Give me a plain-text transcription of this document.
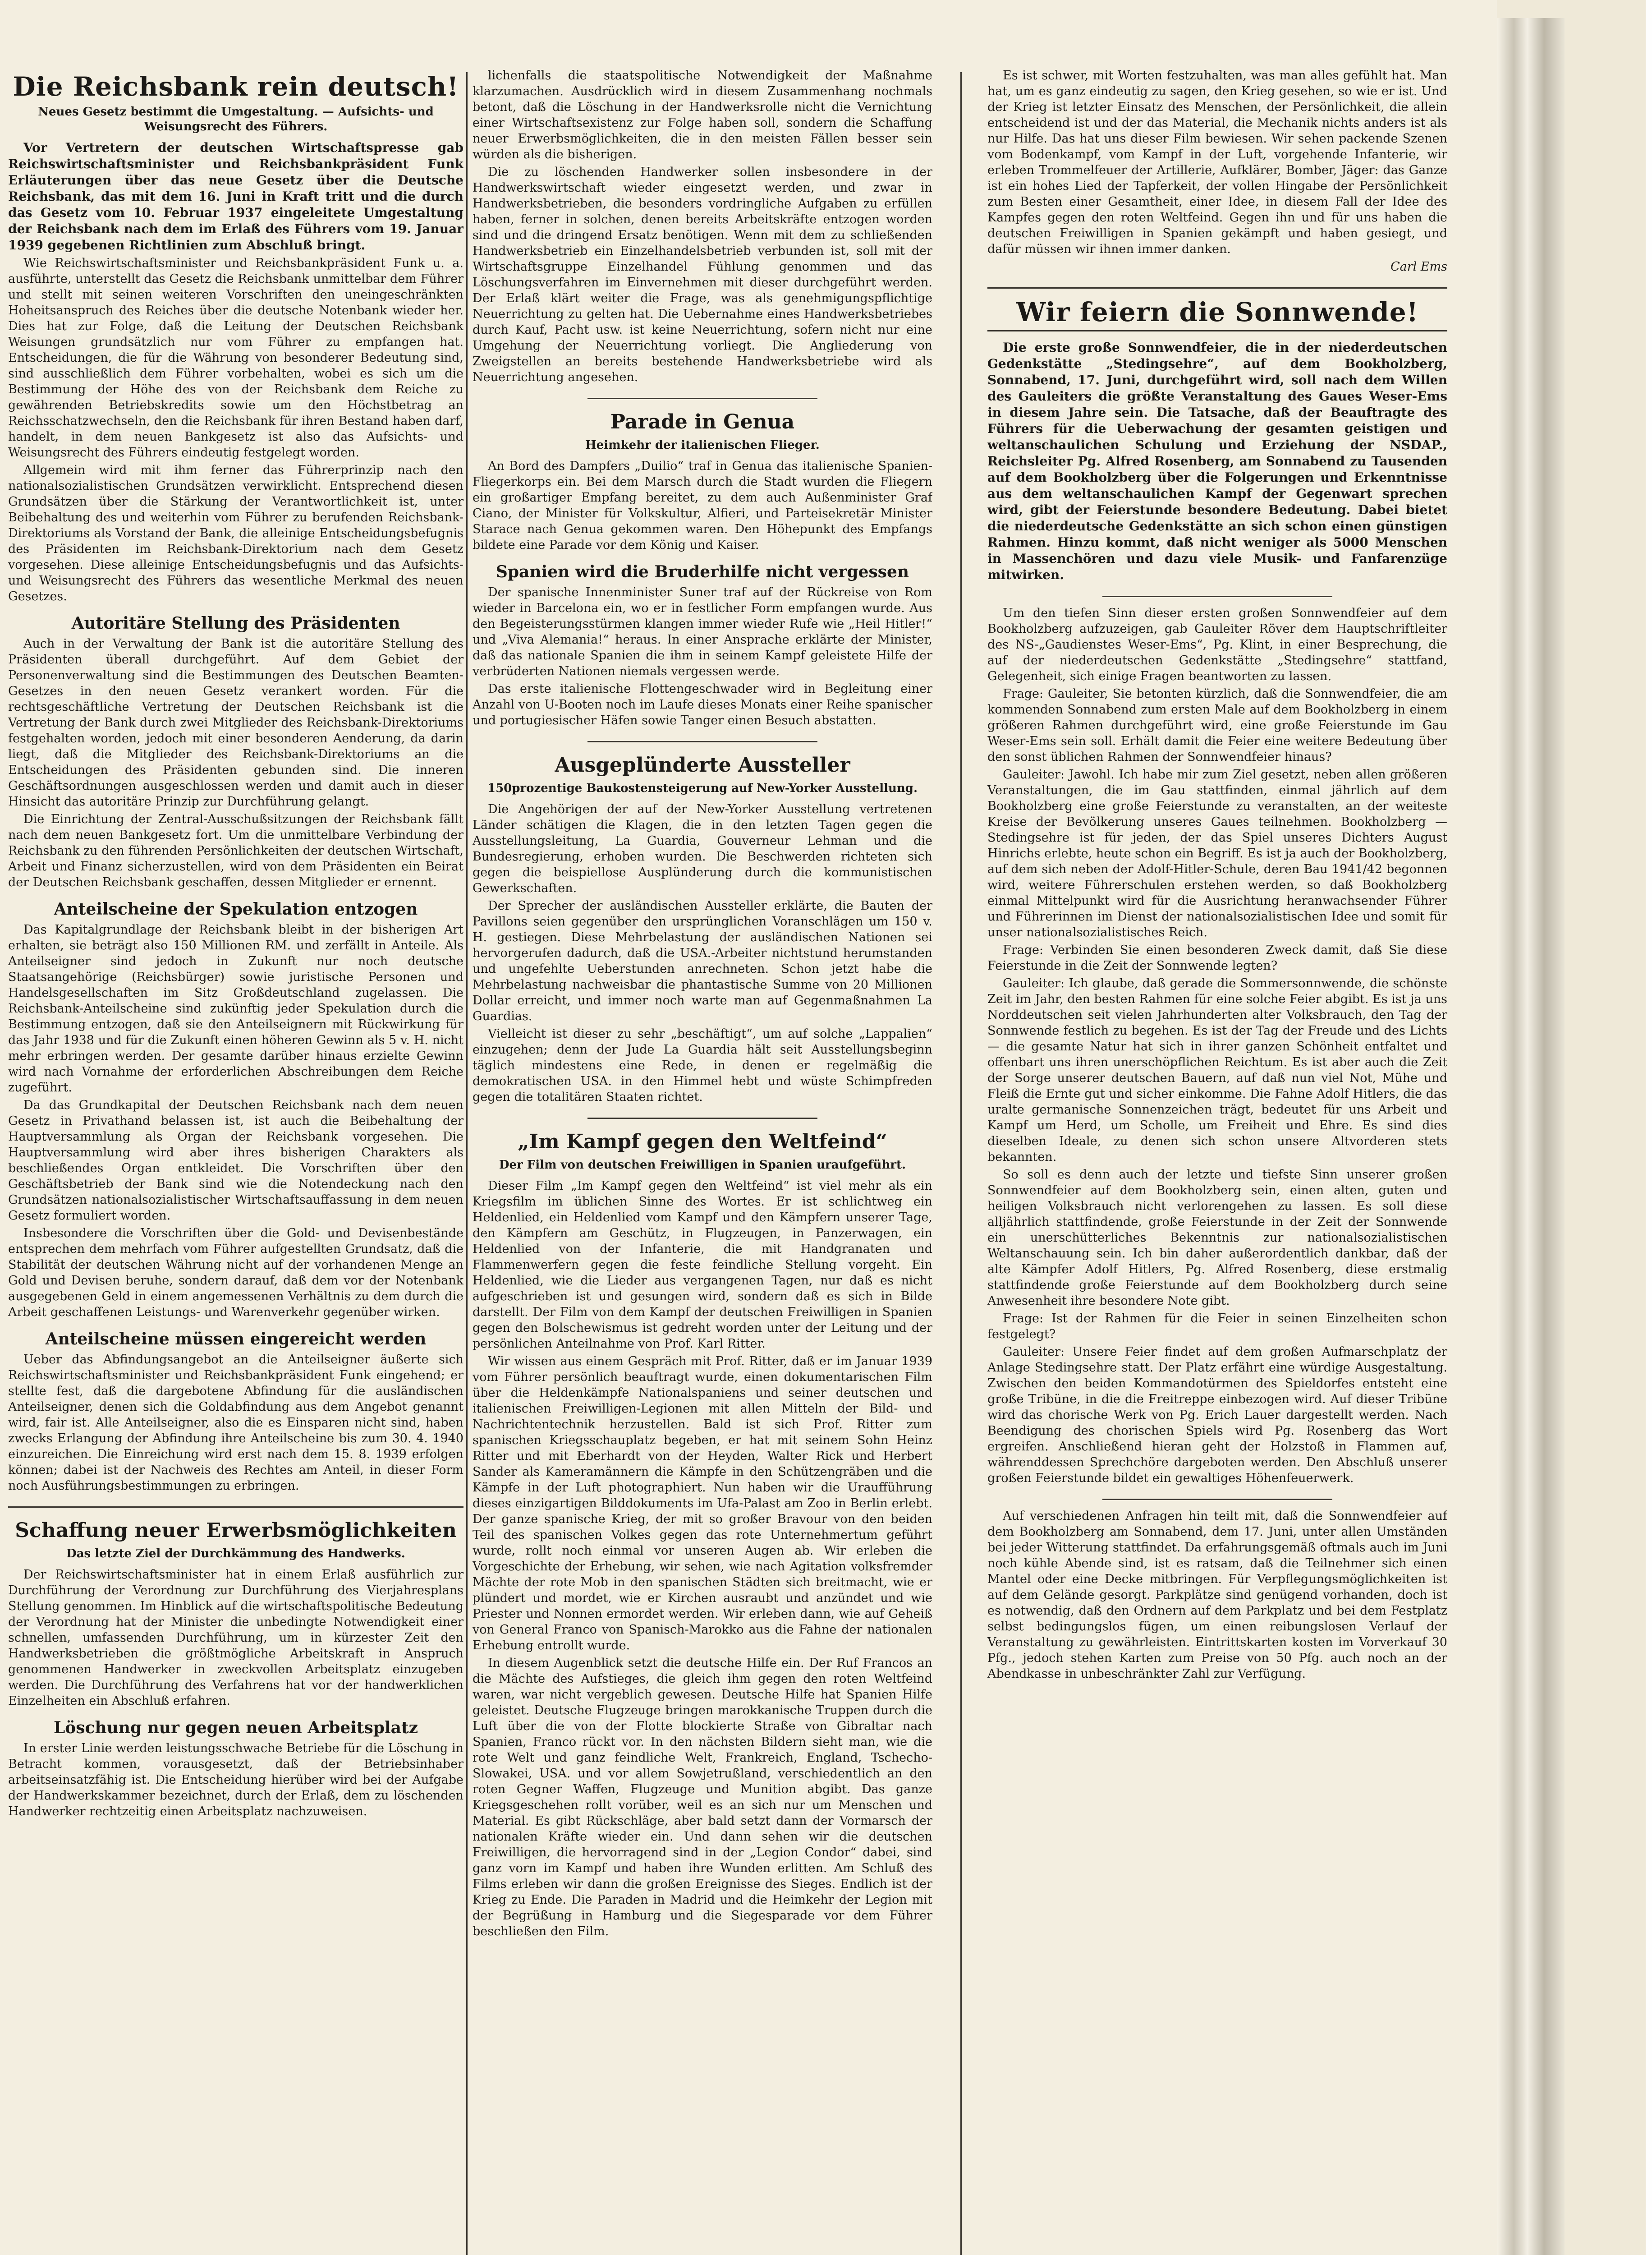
Die Reichsbank rein deutsch!
Neues Gesetz bestimmt die Umgestaltung. — Aufsichts- und Weisungsrecht des Führers.

Vor Vertretern der deutschen Wirtschaftspresse gab Reichswirtschaftsminister und Reichsbankpräsident Funk Erläuterungen über das neue Gesetz über die Deutsche Reichsbank, das mit dem 16. Juni in Kraft tritt und die durch das Gesetz vom 10. Februar 1937 eingeleitete Umgestaltung der Reichsbank nach dem im Erlaß des Führers vom 19. Januar 1939 gegebenen Richtlinien zum Abschluß bringt.

Wie Reichswirtschaftsminister und Reichsbankpräsident Funk u. a. ausführte, unterstellt das Gesetz die Reichsbank unmittelbar dem Führer und stellt mit seinen weiteren Vorschriften den uneingeschränkten Hoheitsanspruch des Reiches über die deutsche Notenbank wieder her. Dies hat zur Folge, daß die Leitung der Deutschen Reichsbank Weisungen grundsätzlich nur vom Führer zu empfangen hat. Entscheidungen, die für die Währung von besonderer Bedeutung sind, sind ausschließlich dem Führer vorbehalten, wobei es sich um die Bestimmung der Höhe des von der Reichsbank dem Reiche zu gewährenden Betriebskredits sowie um den Höchstbetrag an Reichsschatzwechseln, den die Reichsbank für ihren Bestand haben darf, handelt, in dem neuen Bankgesetz ist also das Aufsichts- und Weisungsrecht des Führers eindeutig festgelegt worden.

Allgemein wird mit ihm ferner das Führerprinzip nach den nationalsozialistischen Grundsätzen verwirklicht. Entsprechend diesen Grundsätzen über die Stärkung der Verantwortlichkeit ist, unter Beibehaltung des und weiterhin vom Führer zu berufenden Reichsbank-Direktoriums als Vorstand der Bank, die alleinige Entscheidungsbefugnis des Präsidenten im Reichsbank-Direktorium nach dem Gesetz vorgesehen. Diese alleinige Entscheidungsbefugnis und das Aufsichts- und Weisungsrecht des Führers das wesentliche Merkmal des neuen Gesetzes.

Autoritäre Stellung des Präsidenten

Auch in der Verwaltung der Bank ist die autoritäre Stellung des Präsidenten überall durchgeführt. Auf dem Gebiet der Personenverwaltung sind die Bestimmungen des Deutschen Beamten-Gesetzes in den neuen Gesetz verankert worden. Für die rechtsgeschäftliche Vertretung der Deutschen Reichsbank ist die Vertretung der Bank durch zwei Mitglieder des Reichsbank-Direktoriums festgehalten worden, jedoch mit einer besonderen Aenderung, da darin liegt, daß die Mitglieder des Reichsbank-Direktoriums an die Entscheidungen des Präsidenten gebunden sind. Die inneren Geschäftsordnungen ausgeschlossen werden und damit auch in dieser Hinsicht das autoritäre Prinzip zur Durchführung gelangt.

Die Einrichtung der Zentral-Ausschußsitzungen der Reichsbank fällt nach dem neuen Bankgesetz fort. Um die unmittelbare Verbindung der Reichsbank zu den führenden Persönlichkeiten der deutschen Wirtschaft, Arbeit und Finanz sicherzustellen, wird von dem Präsidenten ein Beirat der Deutschen Reichsbank geschaffen, dessen Mitglieder er ernennt.

Anteilscheine der Spekulation entzogen

Das Kapitalgrundlage der Reichsbank bleibt in der bisherigen Art erhalten, sie beträgt also 150 Millionen RM. und zerfällt in Anteile. Als Anteilseigner sind jedoch in Zukunft nur noch deutsche Staatsangehörige (Reichsbürger) sowie juristische Personen und Handelsgesellschaften im Sitz Großdeutschland zugelassen. Die Reichsbank-Anteilscheine sind zukünftig jeder Spekulation durch die Bestimmung entzogen, daß sie den Anteilseignern mit Rückwirkung für das Jahr 1938 und für die Zukunft einen höheren Gewinn als 5 v. H. nicht mehr erbringen werden. Der gesamte darüber hinaus erzielte Gewinn wird nach Vornahme der erforderlichen Abschreibungen dem Reiche zugeführt.

Da das Grundkapital der Deutschen Reichsbank nach dem neuen Gesetz in Privathand belassen ist, ist auch die Beibehaltung der Hauptversammlung als Organ der Reichsbank vorgesehen. Die Hauptversammlung wird aber ihres bisherigen Charakters als beschließendes Organ entkleidet. Die Vorschriften über den Geschäftsbetrieb der Bank sind wie die Notendeckung nach den Grundsätzen nationalsozialistischer Wirtschaftsauffassung in dem neuen Gesetz formuliert worden.

Insbesondere die Vorschriften über die Gold- und Devisenbestände entsprechen dem mehrfach vom Führer aufgestellten Grundsatz, daß die Stabilität der deutschen Währung nicht auf der vorhandenen Menge an Gold und Devisen beruhe, sondern darauf, daß dem vor der Notenbank ausgegebenen Geld in einem angemessenen Verhältnis zu dem durch die Arbeit geschaffenen Leistungs- und Warenverkehr gegenüber wirken.

Anteilscheine müssen eingereicht werden

Ueber das Abfindungsangebot an die Anteilseigner äußerte sich Reichswirtschaftsminister und Reichsbankpräsident Funk eingehend; er stellte fest, daß die dargebotene Abfindung für die ausländischen Anteilseigner, denen sich die Goldabfindung aus dem Angebot genannt wird, fair ist. Alle Anteilseigner, also die es Einsparen nicht sind, haben zwecks Erlangung der Abfindung ihre Anteilscheine bis zum 30. 4. 1940 einzureichen. Die Einreichung wird erst nach dem 15. 8. 1939 erfolgen können; dabei ist der Nachweis des Rechtes am Anteil, in dieser Form noch Ausführungsbestimmungen zu erbringen.

Schaffung neuer Erwerbsmöglichkeiten
Das letzte Ziel der Durchkämmung des Handwerks.

Der Reichswirtschaftsminister hat in einem Erlaß ausführlich zur Durchführung der Verordnung zur Durchführung des Vierjahresplans Stellung genommen. Im Hinblick auf die wirtschaftspolitische Bedeutung der Verordnung hat der Minister die unbedingte Notwendigkeit einer schnellen, umfassenden Durchführung, um in kürzester Zeit den Handwerksbetrieben die größtmögliche Arbeitskraft in Anspruch genommenen Handwerker in zweckvollen Arbeitsplatz einzugeben werden. Die Durchführung des Verfahrens hat vor der handwerklichen Einzelheiten ein Abschluß erfahren.

Löschung nur gegen neuen Arbeitsplatz

In erster Linie werden leistungsschwache Betriebe für die Löschung in Betracht kommen, vorausgesetzt, daß der Betriebsinhaber arbeitseinsatzfähig ist. Die Entscheidung hierüber wird bei der Aufgabe der Handwerkskammer bezeichnet, durch der Erlaß, dem zu löschenden Handwerker rechtzeitig einen Arbeitsplatz nachzuweisen.

lichenfalls die staatspolitische Notwendigkeit der Maßnahme klarzumachen. Ausdrücklich wird in diesem Zusammenhang nochmals betont, daß die Löschung in der Handwerksrolle nicht die Vernichtung einer Wirtschaftsexistenz zur Folge haben soll, sondern die Schaffung neuer Erwerbsmöglichkeiten, die in den meisten Fällen besser sein würden als die bisherigen.

Die zu löschenden Handwerker sollen insbesondere in der Handwerkswirtschaft wieder eingesetzt werden, und zwar in Handwerksbetrieben, die besonders vordringliche Aufgaben zu erfüllen haben, ferner in solchen, denen bereits Arbeitskräfte entzogen worden sind und die dringend Ersatz benötigen. Wenn mit dem zu schließenden Handwerksbetrieb ein Einzelhandelsbetrieb verbunden ist, soll mit der Wirtschaftsgruppe Einzelhandel Fühlung genommen und das Löschungsverfahren im Einvernehmen mit dieser durchgeführt werden. Der Erlaß klärt weiter die Frage, was als genehmigungspflichtige Neuerrichtung zu gelten hat. Die Uebernahme eines Handwerksbetriebes durch Kauf, Pacht usw. ist keine Neuerrichtung, sofern nicht nur eine Umgehung der Neuerrichtung vorliegt. Die Angliederung von Zweigstellen an bereits bestehende Handwerksbetriebe wird als Neuerrichtung angesehen.

Parade in Genua
Heimkehr der italienischen Flieger.

An Bord des Dampfers „Duilio“ traf in Genua das italienische Spanien-Fliegerkorps ein. Bei dem Marsch durch die Stadt wurden die Fliegern ein großartiger Empfang bereitet, zu dem auch Außenminister Graf Ciano, der Minister für Volkskultur, Alfieri, und Parteisekretär Minister Starace nach Genua gekommen waren. Den Höhepunkt des Empfangs bildete eine Parade vor dem König und Kaiser.

Spanien wird die Bruderhilfe nicht vergessen

Der spanische Innenminister Suner traf auf der Rückreise von Rom wieder in Barcelona ein, wo er in festlicher Form empfangen wurde. Aus den Begeisterungsstürmen klangen immer wieder Rufe wie „Heil Hitler!“ und „Viva Alemania!“ heraus. In einer Ansprache erklärte der Minister, daß das nationale Spanien die ihm in seinem Kampf geleistete Hilfe der verbrüderten Nationen niemals vergessen werde.

Das erste italienische Flottengeschwader wird in Begleitung einer Anzahl von U-Booten noch im Laufe dieses Monats einer Reihe spanischer und portugiesischer Häfen sowie Tanger einen Besuch abstatten.

Ausgeplünderte Aussteller
150prozentige Baukostensteigerung auf New-Yorker Ausstellung.

Die Angehörigen der auf der New-Yorker Ausstellung vertretenen Länder schätigen die Klagen, die in den letzten Tagen gegen die Ausstellungsleitung, La Guardia, Gouverneur Lehman und die Bundesregierung, erhoben wurden. Die Beschwerden richteten sich gegen die beispiellose Ausplünderung durch die kommunistischen Gewerkschaften.

Der Sprecher der ausländischen Aussteller erklärte, die Bauten der Pavillons seien gegenüber den ursprünglichen Voranschlägen um 150 v. H. gestiegen. Diese Mehrbelastung der ausländischen Nationen sei hervorgerufen dadurch, daß die USA.-Arbeiter nichtstund herumstanden und ungefehlte Ueberstunden anrechneten. Schon jetzt habe die Mehrbelastung nachweisbar die phantastische Summe von 20 Millionen Dollar erreicht, und immer noch warte man auf Gegenmaßnahmen La Guardias.

Vielleicht ist dieser zu sehr „beschäftigt“, um auf solche „Lappalien“ einzugehen; denn der Jude La Guardia hält seit Ausstellungsbeginn täglich mindestens eine Rede, in denen er regelmäßig die demokratischen USA. in den Himmel hebt und wüste Schimpfreden gegen die totalitären Staaten richtet.

„Im Kampf gegen den Weltfeind“
Der Film von deutschen Freiwilligen in Spanien uraufgeführt.

Dieser Film „Im Kampf gegen den Weltfeind“ ist viel mehr als ein Kriegsfilm im üblichen Sinne des Wortes. Er ist schlichtweg ein Heldenlied, ein Heldenlied vom Kampf und den Kämpfern unserer Tage, den Kämpfern am Geschütz, in Flugzeugen, in Panzerwagen, ein Heldenlied von der Infanterie, die mit Handgranaten und Flammenwerfern gegen die feste feindliche Stellung vorgeht. Ein Heldenlied, wie die Lieder aus vergangenen Tagen, nur daß es nicht aufgeschrieben ist und gesungen wird, sondern daß es sich in Bilde darstellt. Der Film von dem Kampf der deutschen Freiwilligen in Spanien gegen den Bolschewismus ist gedreht worden unter der Leitung und der persönlichen Anteilnahme von Prof. Karl Ritter.

Wir wissen aus einem Gespräch mit Prof. Ritter, daß er im Januar 1939 vom Führer persönlich beauftragt wurde, einen dokumentarischen Film über die Heldenkämpfe Nationalspaniens und seiner deutschen und italienischen Freiwilligen-Legionen mit allen Mitteln der Bild- und Nachrichtentechnik herzustellen. Bald ist sich Prof. Ritter zum spanischen Kriegsschauplatz begeben, er hat mit seinem Sohn Heinz Ritter und mit Eberhardt von der Heyden, Walter Rick und Herbert Sander als Kameramännern die Kämpfe in den Schützengräben und die Kämpfe in der Luft photographiert. Nun haben wir die Uraufführung dieses einzigartigen Bilddokuments im Ufa-Palast am Zoo in Berlin erlebt. Der ganze spanische Krieg, der mit so großer Bravour von den beiden Teil des spanischen Volkes gegen das rote Unternehmertum geführt wurde, rollt noch einmal vor unseren Augen ab. Wir erleben die Vorgeschichte der Erhebung, wir sehen, wie nach Agitation volksfremder Mächte der rote Mob in den spanischen Städten sich breitmacht, wie er plündert und mordet, wie er Kirchen ausraubt und anzündet und wie Priester und Nonnen ermordet werden. Wir erleben dann, wie auf Geheiß von General Franco von Spanisch-Marokko aus die Fahne der nationalen Erhebung entrollt wurde.

In diesem Augenblick setzt die deutsche Hilfe ein. Der Ruf Francos an die Mächte des Aufstieges, die gleich ihm gegen den roten Weltfeind waren, war nicht vergeblich gewesen. Deutsche Hilfe hat Spanien Hilfe geleistet. Deutsche Flugzeuge bringen marokkanische Truppen durch die Luft über die von der Flotte blockierte Straße von Gibraltar nach Spanien, Franco rückt vor. In den nächsten Bildern sieht man, wie die rote Welt und ganz feindliche Welt, Frankreich, England, Tschecho-Slowakei, USA. und vor allem Sowjetrußland, verschiedentlich an den roten Gegner Waffen, Flugzeuge und Munition abgibt. Das ganze Kriegsgeschehen rollt vorüber, weil es an sich nur um Menschen und Material. Es gibt Rückschläge, aber bald setzt dann der Vormarsch der nationalen Kräfte wieder ein. Und dann sehen wir die deutschen Freiwilligen, die hervorragend sind in der „Legion Condor“ dabei, sind ganz vorn im Kampf und haben ihre Wunden erlitten. Am Schluß des Films erleben wir dann die großen Ereignisse des Sieges. Endlich ist der Krieg zu Ende. Die Paraden in Madrid und die Heimkehr der Legion mit der Begrüßung in Hamburg und die Siegesparade vor dem Führer beschließen den Film.

Es ist schwer, mit Worten festzuhalten, was man alles gefühlt hat. Man hat, um es ganz eindeutig zu sagen, den Krieg gesehen, so wie er ist. Und der Krieg ist letzter Einsatz des Menschen, der Persönlichkeit, die allein entscheidend ist und der das Material, die Mechanik nichts anders ist als nur Hilfe. Das hat uns dieser Film bewiesen. Wir sehen packende Szenen vom Bodenkampf, vom Kampf in der Luft, vorgehende Infanterie, wir erleben Trommelfeuer der Artillerie, Aufklärer, Bomber, Jäger: das Ganze ist ein hohes Lied der Tapferkeit, der vollen Hingabe der Persönlichkeit zum Besten einer Gesamtheit, einer Idee, in diesem Fall der Idee des Kampfes gegen den roten Weltfeind. Gegen ihn und für uns haben die deutschen Freiwilligen in Spanien gekämpft und haben gesiegt, und dafür müssen wir ihnen immer danken.

Carl Ems
Wir feiern die Sonnwende!

Die erste große Sonnwendfeier, die in der niederdeutschen Gedenkstätte „Stedingsehre“, auf dem Bookholzberg, Sonnabend, 17. Juni, durchgeführt wird, soll nach dem Willen des Gauleiters die größte Veranstaltung des Gaues Weser-Ems in diesem Jahre sein. Die Tatsache, daß der Beauftragte des Führers für die Ueberwachung der gesamten geistigen und weltanschaulichen Schulung und Erziehung der NSDAP., Reichsleiter Pg. Alfred Rosenberg, am Sonnabend zu Tausenden auf dem Bookholzberg über die Folgerungen und Erkenntnisse aus dem weltanschaulichen Kampf der Gegenwart sprechen wird, gibt der Feierstunde besondere Bedeutung. Dabei bietet die niederdeutsche Gedenkstätte an sich schon einen günstigen Rahmen. Hinzu kommt, daß nicht weniger als 5000 Menschen in Massenchören und dazu viele Musik- und Fanfarenzüge mitwirken.

Um den tiefen Sinn dieser ersten großen Sonnwendfeier auf dem Bookholzberg aufzuzeigen, gab Gauleiter Röver dem Hauptschriftleiter des NS-„Gaudienstes Weser-Ems“, Pg. Klint, in einer Besprechung, die auf der niederdeutschen Gedenkstätte „Stedingsehre“ stattfand, Gelegenheit, sich einige Fragen beantworten zu lassen.

Frage: Gauleiter, Sie betonten kürzlich, daß die Sonnwendfeier, die am kommenden Sonnabend zum ersten Male auf dem Bookholzberg in einem größeren Rahmen durchgeführt wird, eine große Feierstunde im Gau Weser-Ems sein soll. Erhält damit die Feier eine weitere Bedeutung über den sonst üblichen Rahmen der Sonnwendfeier hinaus?

Gauleiter: Jawohl. Ich habe mir zum Ziel gesetzt, neben allen größeren Veranstaltungen, die im Gau stattfinden, einmal jährlich auf dem Bookholzberg eine große Feierstunde zu veranstalten, an der weiteste Kreise der Bevölkerung unseres Gaues teilnehmen. Bookholzberg — Stedingsehre ist für jeden, der das Spiel unseres Dichters August Hinrichs erlebte, heute schon ein Begriff. Es ist ja auch der Bookholzberg, auf dem sich neben der Adolf-Hitler-Schule, deren Bau 1941/42 begonnen wird, weitere Führerschulen erstehen werden, so daß Bookholzberg einmal Mittelpunkt wird für die Ausrichtung heranwachsender Führer und Führerinnen im Dienst der nationalsozialistischen Idee und somit für unser nationalsozialistisches Reich.

Frage: Verbinden Sie einen besonderen Zweck damit, daß Sie diese Feierstunde in die Zeit der Sonnwende legten?

Gauleiter: Ich glaube, daß gerade die Sommersonnwende, die schönste Zeit im Jahr, den besten Rahmen für eine solche Feier abgibt. Es ist ja uns Norddeutschen seit vielen Jahrhunderten alter Volksbrauch, den Tag der Sonnwende festlich zu begehen. Es ist der Tag der Freude und des Lichts — die gesamte Natur hat sich in ihrer ganzen Schönheit entfaltet und offenbart uns ihren unerschöpflichen Reichtum. Es ist aber auch die Zeit der Sorge unserer deutschen Bauern, auf daß nun viel Not, Mühe und Fleiß die Ernte gut und sicher einkomme. Die Fahne Adolf Hitlers, die das uralte germanische Sonnenzeichen trägt, bedeutet für uns Arbeit und Kampf um Herd, um Scholle, um Freiheit und Ehre. Es sind dies dieselben Ideale, zu denen sich schon unsere Altvorderen stets bekannten.

So soll es denn auch der letzte und tiefste Sinn unserer großen Sonnwendfeier auf dem Bookholzberg sein, einen alten, guten und heiligen Volksbrauch nicht verlorengehen zu lassen. Es soll diese alljährlich stattfindende, große Feierstunde in der Zeit der Sonnwende ein unerschütterliches Bekenntnis zur nationalsozialistischen Weltanschauung sein. Ich bin daher außerordentlich dankbar, daß der alte Kämpfer Adolf Hitlers, Pg. Alfred Rosenberg, diese erstmalig stattfindende große Feierstunde auf dem Bookholzberg durch seine Anwesenheit ihre besondere Note gibt.

Frage: Ist der Rahmen für die Feier in seinen Einzelheiten schon festgelegt?

Gauleiter: Unsere Feier findet auf dem großen Aufmarschplatz der Anlage Stedingsehre statt. Der Platz erfährt eine würdige Ausgestaltung. Zwischen den beiden Kommandotürmen des Spieldorfes entsteht eine große Tribüne, in die die Freitreppe einbezogen wird. Auf dieser Tribüne wird das chorische Werk von Pg. Erich Lauer dargestellt werden. Nach Beendigung des chorischen Spiels wird Pg. Rosenberg das Wort ergreifen. Anschließend hieran geht der Holzstoß in Flammen auf, währenddessen Sprechchöre dargeboten werden. Den Abschluß unserer großen Feierstunde bildet ein gewaltiges Höhenfeuerwerk.

Auf verschiedenen Anfragen hin teilt mit, daß die Sonnwendfeier auf dem Bookholzberg am Sonnabend, dem 17. Juni, unter allen Umständen bei jeder Witterung stattfindet. Da erfahrungsgemäß oftmals auch im Juni noch kühle Abende sind, ist es ratsam, daß die Teilnehmer sich einen Mantel oder eine Decke mitbringen. Für Verpflegungsmöglichkeiten ist auf dem Gelände gesorgt. Parkplätze sind genügend vorhanden, doch ist es notwendig, daß den Ordnern auf dem Parkplatz und bei dem Festplatz selbst bedingungslos fügen, um einen reibungslosen Verlauf der Veranstaltung zu gewährleisten. Eintrittskarten kosten im Vorverkauf 30 Pfg., jedoch stehen Karten zum Preise von 50 Pfg. auch noch an der Abendkasse in unbeschränkter Zahl zur Verfügung.
